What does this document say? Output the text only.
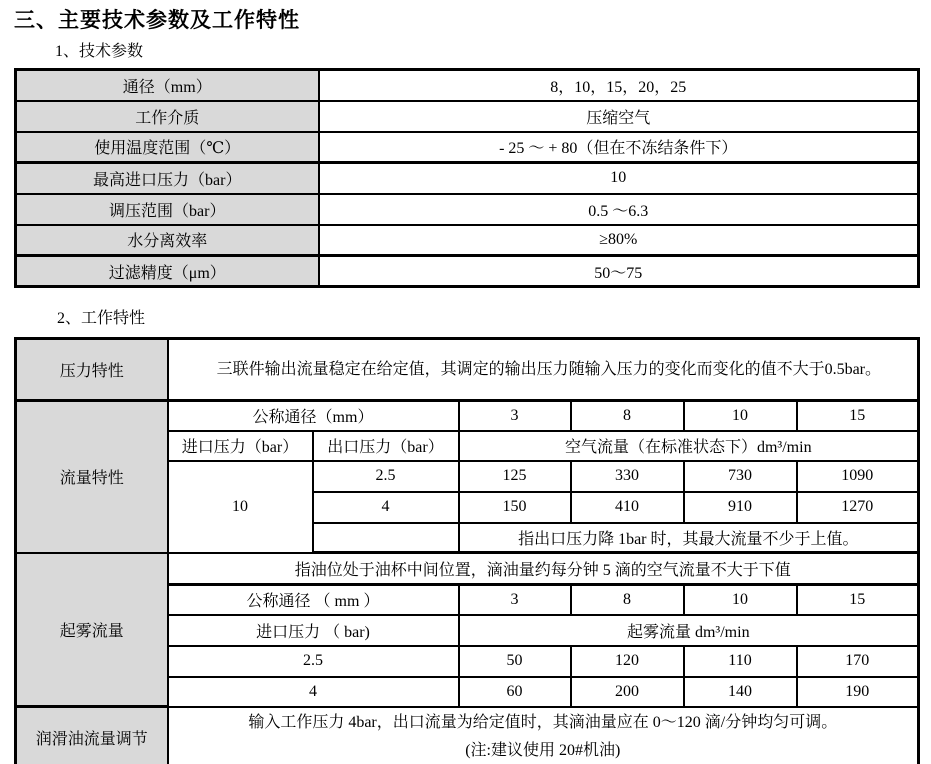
三、主要技术参数及工作特性
1、技术参数
通径（mm）	8，10，15，20，25
工作介质	压缩空气
使用温度范围（℃）	- 25 ～ + 80（但在不冻结条件下）
最高进口压力（bar）	10
调压范围（bar）	0.5 ～6.3
水分离效率	≥80%
过滤精度（μm）	50～75
2、工作特性
压力特性	三联件输出流量稳定在给定值，其调定的输出压力随输入压力的变化而变化的值不大于0.5bar。					
流量特性	公称通径（mm）		3	8	10	15
	进口压力（bar）	出口压力（bar）	空气流量（在标准状态下）dm³/min			
	10	2.5	125	330	730	1090
		4	150	410	910	1270
			指出口压力降 1bar 时，其最大流量不少于上值。			
起雾流量	指油位处于油杯中间位置，滴油量约每分钟 5 滴的空气流量不大于下值					
	公称通径 （ mm ）		3	8	10	15
	进口压力 （ bar)		起雾流量 dm³/min			
	2.5		50	120	110	170
	4		60	200	140	190
润滑油流量调节	输入工作压力 4bar，出口流量为给定值时，其滴油量应在 0～120 滴/分钟均匀可调。
(注:建议使用 20#机油)					
